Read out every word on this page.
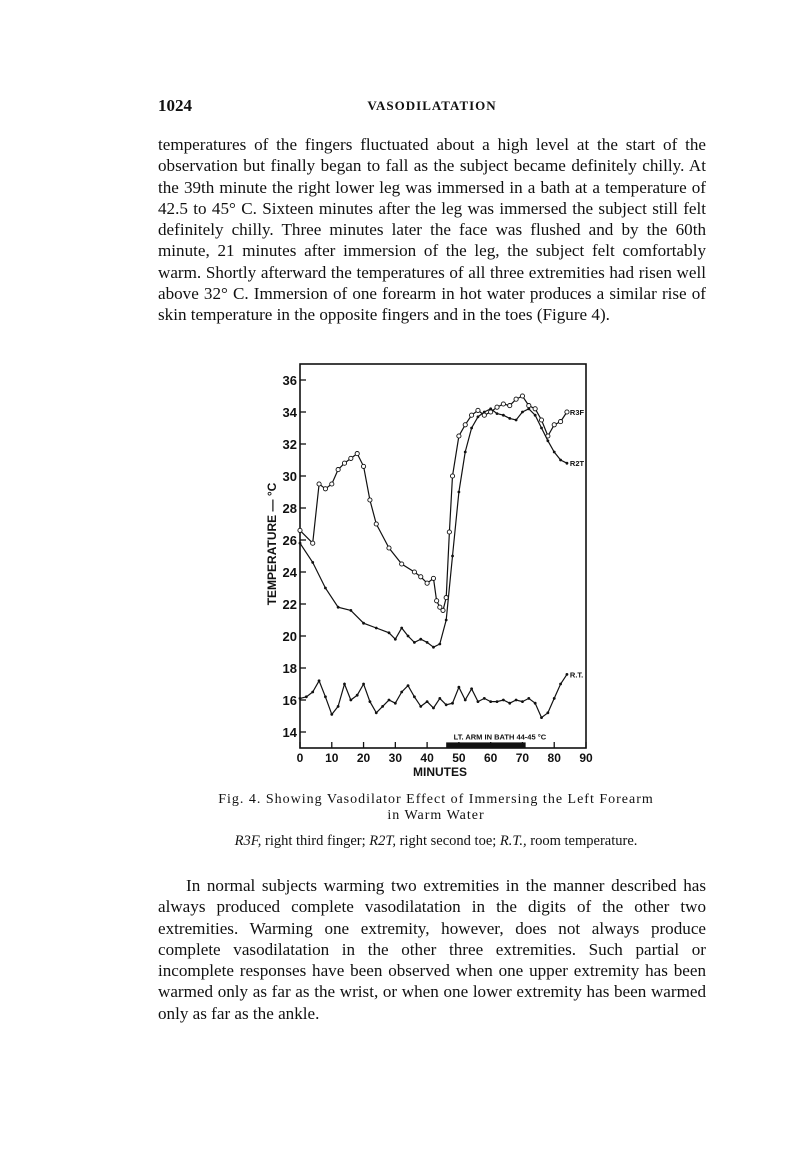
1024	VASODILATATION

temperatures of the fingers fluctuated about a high level at the start of the observation but finally began to fall as the subject became definitely chilly. At the 39th minute the right lower leg was immersed in a bath at a temperature of 42.5 to 45° C. Sixteen minutes after the leg was immersed the subject still felt definitely chilly. Three minutes later the face was flushed and by the 60th minute, 21 minutes after immersion of the leg, the subject felt comfortably warm. Shortly afterward the temperatures of all three extremities had risen well above 32° C. Immersion of one forearm in hot water produces a similar rise of skin temperature in the opposite fingers and in the toes (Figure 4).

14
16
18
20
22
24
26
28
30
32
34
36
0 10 20 30 40 50 60 70 80 90
TEMPERATURE — °C
MINUTES
LT. ARM IN BATH 44-45 °C
R3F
R2T
R.T.

Fig. 4. Showing Vasodilator Effect of Immersing the Left Forearm

in Warm Water

R3F, right third finger; R2T, right second toe; R.T., room temperature.

In normal subjects warming two extremities in the manner described has always produced complete vasodilatation in the digits of the other two extremities. Warming one extremity, however, does not always produce complete vasodilatation in the other three extremities. Such partial or incomplete responses have been observed when one upper extremity has been warmed only as far as the wrist, or when one lower extremity has been warmed only as far as the ankle.
